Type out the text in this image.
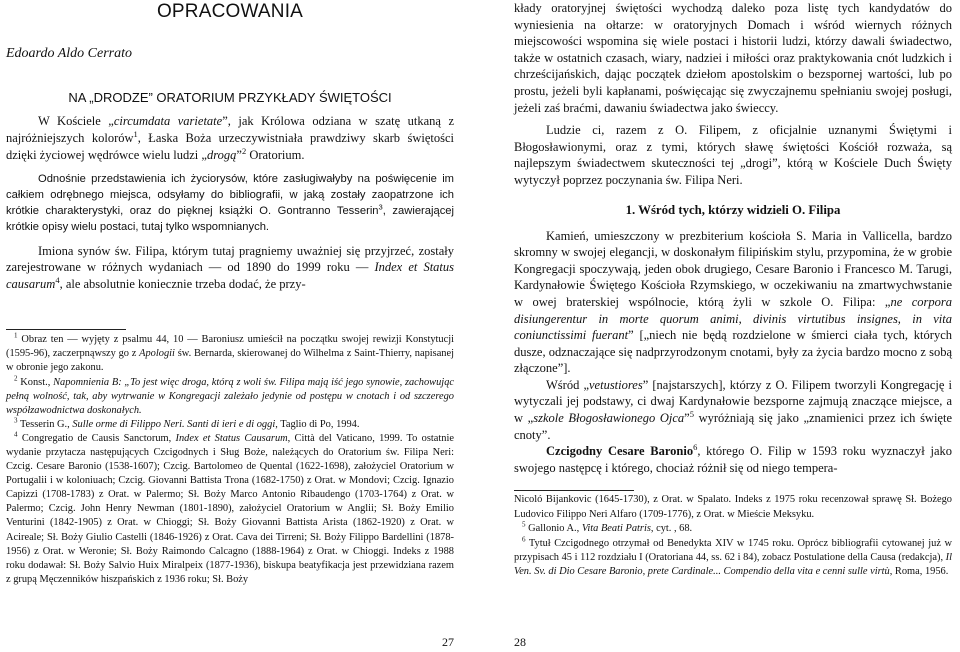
OPRACOWANIA
Edoardo Aldo Cerrato
NA „DRODZE” ORATORIUM PRZYKŁADY ŚWIĘTOŚCI

W Kościele „circumdata varietate”, jak Królowa odziana w szatę utkaną z najróżniejszych kolorów$^1$, Łaska Boża urzeczywistniała prawdziwy skarb świętości dzięki życiowej wędrówce wielu ludzi „drogą”$^2$ Oratorium.

Odnośnie przedstawienia ich życiorysów, które zasługiwałyby na poświęcenie im całkiem odrębnego miejsca, odsyłamy do bibliografii, w jaką zostały zaopatrzone ich krótkie charakterystyki, oraz do pięknej książki O. Gontranno Tesserin$^3$, zawierającej krótkie opisy wielu postaci, tutaj tylko wspomnianych.

Imiona synów św. Filipa, którym tutaj pragniemy uważniej się przyjrzeć, zostały zarejestrowane w różnych wydaniach — od 1890 do 1999 roku — Index et Status causarum$^4$, ale absolutnie koniecznie trzeba dodać, że przy-

$^1$ Obraz ten — wyjęty z psalmu 44, 10 — Baroniusz umieścił na początku swojej rewizji Konstytucji (1595-96), zaczerpnąwszy go z Apologii św. Bernarda, skierowanej do Wilhelma z Saint-Thierry, napisanej w obronie jego zakonu.

$^2$ Konst., Napomnienia B: „To jest więc droga, którą z woli św. Filipa mają iść jego synowie, zachowując pełną wolność, tak, aby wytrwanie w Kongregacji zależało jedynie od postępu w cnotach i od szczerego współzawodnictwa doskonałych.

$^3$ Tesserin G., Sulle orme di Filippo Neri. Santi di ieri e di oggi, Taglio di Po, 1994.

$^4$ Congregatio de Causis Sanctorum, Index et Status Causarum, Città del Vaticano, 1999. To ostatnie wydanie przytacza następujących Czcigodnych i Sług Boże, należących do Oratorium św. Filipa Neri: Czcig. Cesare Baronio (1538-1607); Czcig. Bartolomeo de Quental (1622-1698), założyciel Oratorium w Portugalii i w koloniuach; Czcig. Giovanni Battista Trona (1682-1750) z Orat. w Mondovi; Czcig. Ignazio Capizzi (1708-1783) z Orat. w Palermo; Sł. Boży Marco Antonio Ribaudengo (1703-1764) z Orat. w Palermo; Czcig. John Henry Newman (1801-1890), założyciel Oratorium w Anglii; Sł. Boży Emilio Venturini (1842-1905) z Orat. w Chioggi; Sł. Boży Giovanni Battista Arista (1862-1920) z Orat. w Acireale; Sł. Boży Giulio Castelli (1846-1926) z Orat. Cava dei Tirreni; Sł. Boży Filippo Bardellini (1878-1956) z Orat. w Weronie; Sł. Boży Raimondo Calcagno (1888-1964) z Orat. w Chioggi. Indeks z 1988 roku dodawał: Sł. Boży Salvio Huix Miralpeix (1877-1936), biskupa beatyfikacja jest przewidziana razem z grupą Męczenników hiszpańskich z 1936 roku; Sł. Boży

27

kłady oratoryjnej świętości wychodzą daleko poza listę tych kandydatów do wyniesienia na ołtarze: w oratoryjnych Domach i wśród wiernych różnych miejscowości wspomina się wiele postaci i historii ludzi, którzy dawali świadectwo, także w ostatnich czasach, wiary, nadziei i miłości oraz praktykowania cnót ludzkich i chrześcijańskich, dając początek dziełom apostolskim o bezspornej wartości, lub po prostu, jeżeli byli kapłanami, poświęcając się zwyczajnemu spełnianiu swojej posługi, jeżeli zaś braćmi, dawaniu świadectwa jako świeccy.

Ludzie ci, razem z O. Filipem, z oficjalnie uznanymi Świętymi i Błogosławionymi, oraz z tymi, których sławę świętości Kościół rozważa, są najlepszym świadectwem skuteczności tej „drogi”, którą w Kościele Duch Święty wytyczył poprzez poczynania św. Filipa Neri.

1. Wśród tych, którzy widzieli O. Filipa

Kamień, umieszczony w prezbiterium kościoła S. Maria in Vallicella, bardzo skromny w swojej elegancji, w doskonałym filipińskim stylu, przypomina, że w grobie Kongregacji spoczywają, jeden obok drugiego, Cesare Baronio i Francesco M. Tarugi, Kardynałowie Świętego Kościoła Rzymskiego, w oczekiwaniu na zmartwychwstanie w owej braterskiej wspólnocie, którą żyli w szkole O. Filipa: „ne corpora disiungerentur in morte quorum animi, divinis virtutibus insignes, in vita coniunctissimi fuerant” [„niech nie będą rozdzielone w śmierci ciała tych, których dusze, odznaczające się nadprzyrodzonym cnotami, były za życia bardzo mocno z sobą złączone”].

Wśród „vetustiores” [najstarszych], którzy z O. Filipem tworzyli Kongregację i wytyczali jej podstawy, ci dwaj Kardynałowie bezsporne zajmują znaczące miejsce, a w „szkole Błogosławionego Ojca”$^5$ wyróżniają się jako „znamienici przez ich święte cnoty”.

Czcigodny Cesare Baronio$^6$, którego O. Filip w 1593 roku wyznaczył jako swojego następcę i którego, chociaż różnił się od niego tempera-

Nicoló Bijankovic (1645-1730), z Orat. w Spalato. Indeks z 1975 roku recenzował sprawę Sł. Bożego Ludovico Filippo Neri Alfaro (1709-1776), z Orat. w Mieście Meksyku.

$^5$ Gallonio A., Vita Beati Patris, cyt. , 68.

$^6$ Tytuł Czcigodnego otrzymał od Benedykta XIV w 1745 roku. Oprócz bibliografii cytowanej już w przypisach 45 i 112 rozdziału I (Oratoriana 44, ss. 62 i 84), zobacz Postulatione della Causa (redakcja), Il Ven. Sv. di Dio Cesare Baronio, prete Cardinale... Compendio della vita e cenni sulle virtù, Roma, 1956.

28
